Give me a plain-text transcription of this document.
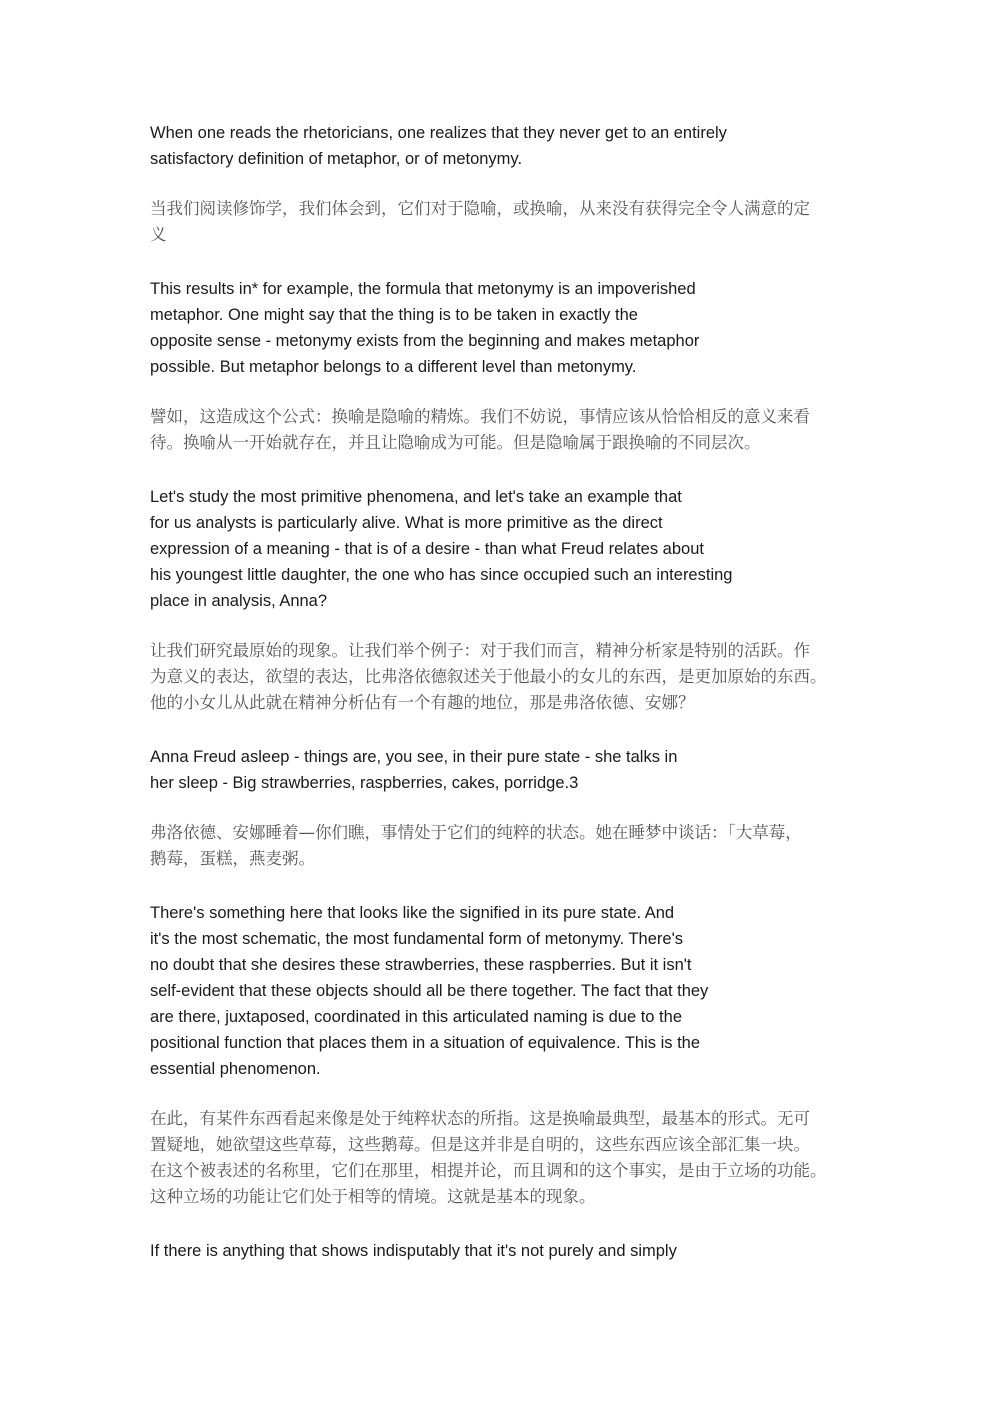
When one reads the rhetoricians, one realizes that they never get to an entirely
satisfactory definition of metaphor, or of metonymy.

当我们阅读修饰学，我们体会到，它们对于隐喻，或换喻，从来没有获得完全令人满意的定
义

This results in* for example, the formula that metonymy is an impoverished
metaphor. One might say that the thing is to be taken in exactly the
opposite sense - metonymy exists from the beginning and makes metaphor
possible. But metaphor belongs to a different level than metonymy.

譬如，这造成这个公式：换喻是隐喻的精炼。我们不妨说，事情应该从恰恰相反的意义来看
待。换喻从一开始就存在，并且让隐喻成为可能。但是隐喻属于跟换喻的不同层次。

Let's study the most primitive phenomena, and let's take an example that
for us analysts is particularly alive. What is more primitive as the direct
expression of a meaning - that is of a desire - than what Freud relates about
his youngest little daughter, the one who has since occupied such an interesting
place in analysis, Anna?

让我们研究最原始的现象。让我们举个例子：对于我们而言，精神分析家是特别的活跃。作
为意义的表达，欲望的表达，比弗洛依德叙述关于他最小的女儿的东西，是更加原始的东西。
他的小女儿从此就在精神分析佔有一个有趣的地位，那是弗洛依德、安娜？

Anna Freud asleep - things are, you see, in their pure state - she talks in
her sleep - Big strawberries, raspberries, cakes, porridge.3

弗洛依德、安娜睡着—你们瞧，事情处于它们的纯粹的状态。她在睡梦中谈话：「大草莓，
鹅莓，蛋糕，燕麦粥。

There's something here that looks like the signified in its pure state. And
it's the most schematic, the most fundamental form of metonymy. There's
no doubt that she desires these strawberries, these raspberries. But it isn't
self-evident that these objects should all be there together. The fact that they
are there, juxtaposed, coordinated in this articulated naming is due to the
positional function that places them in a situation of equivalence. This is the
essential phenomenon.

在此，有某件东西看起来像是处于纯粹状态的所指。这是换喻最典型，最基本的形式。无可
置疑地，她欲望这些草莓，这些鹅莓。但是这并非是自明的，这些东西应该全部汇集一块。
在这个被表述的名称里，它们在那里，相提并论，而且调和的这个事实，是由于立场的功能。
这种立场的功能让它们处于相等的情境。这就是基本的现象。

If there is anything that shows indisputably that it's not purely and simply
